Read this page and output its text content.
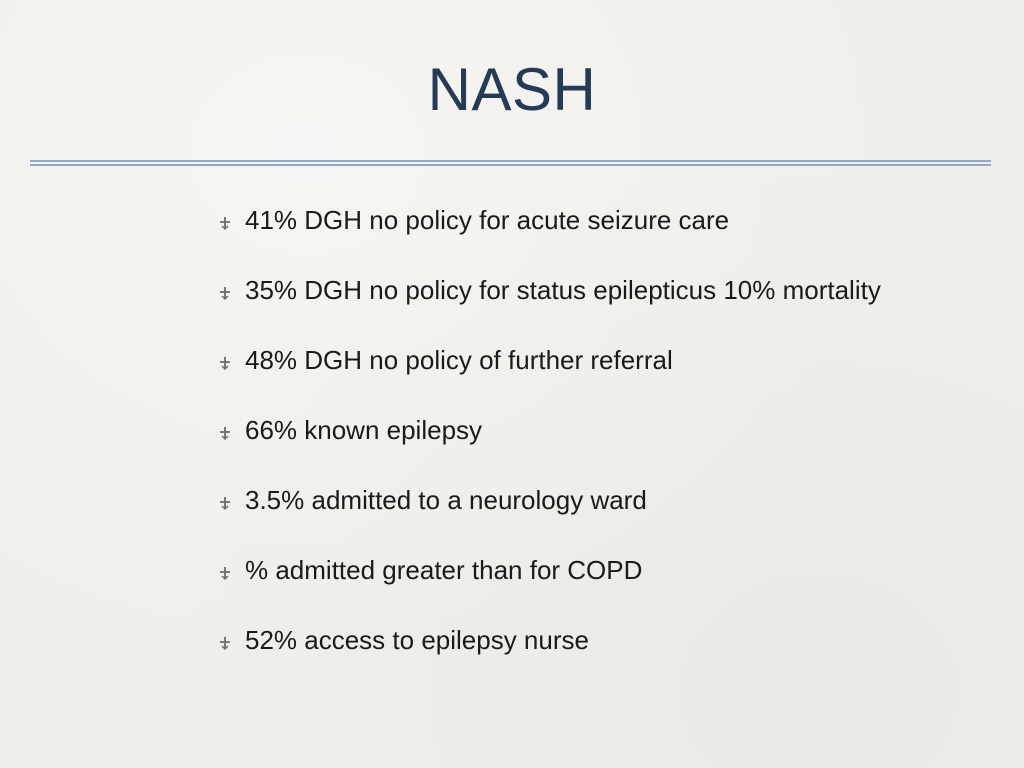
NASH
41% DGH no policy for acute seizure care
35% DGH no policy for status epilepticus 10% mortality
48% DGH no policy of further referral
66% known epilepsy
3.5% admitted to a neurology ward
% admitted greater than for COPD
52% access to epilepsy nurse
